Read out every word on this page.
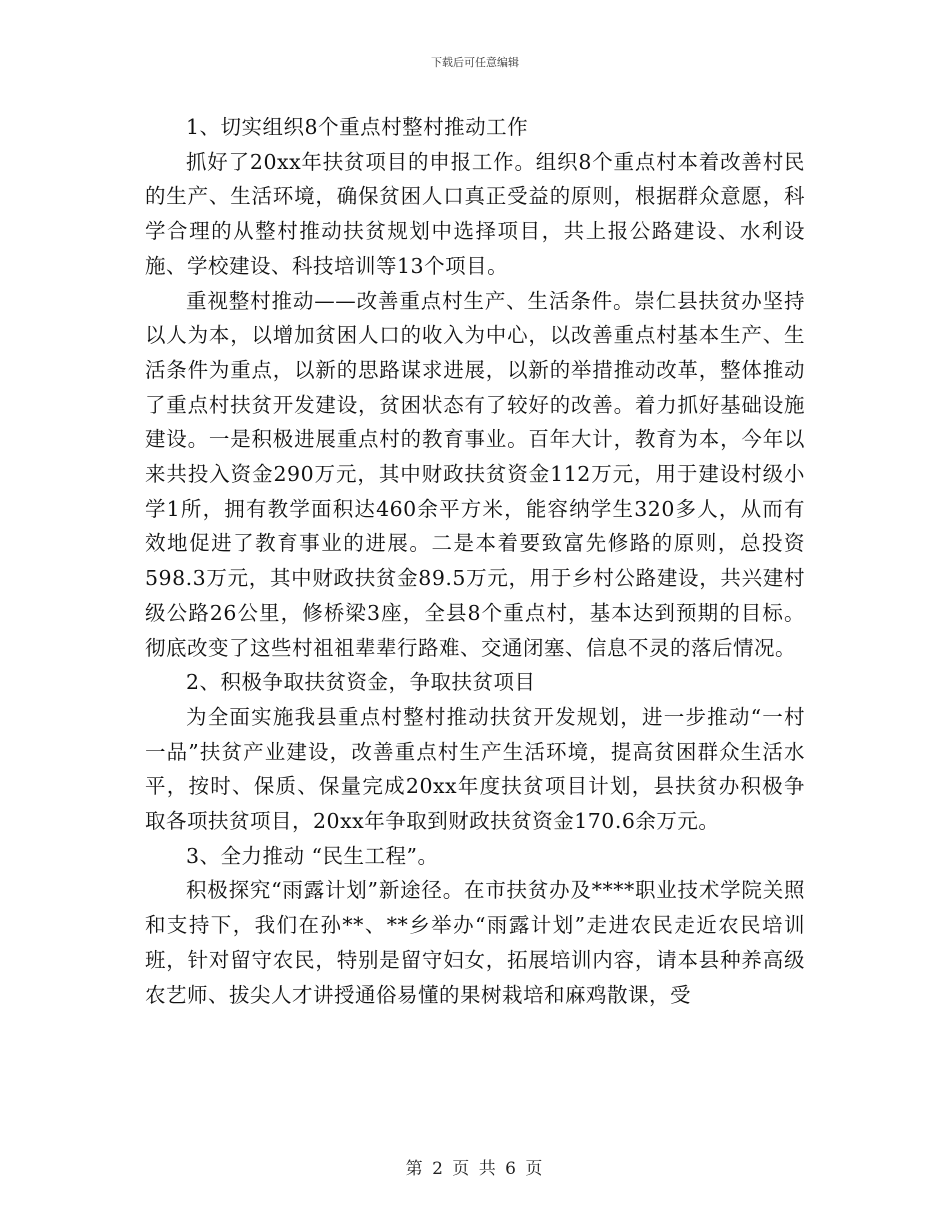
下载后可任意编辑

1、切实组织8个重点村整村推动工作

抓好了20xx年扶贫项目的申报工作。组织8个重点村本着改善村民的生产、生活环境，确保贫困人口真正受益的原则，根据群众意愿，科学合理的从整村推动扶贫规划中选择项目，共上报公路建设、水利设施、学校建设、科技培训等13个项目。

重视整村推动——改善重点村生产、生活条件。崇仁县扶贫办坚持以人为本，以增加贫困人口的收入为中心，以改善重点村基本生产、生活条件为重点，以新的思路谋求进展，以新的举措推动改革，整体推动了重点村扶贫开发建设，贫困状态有了较好的改善。着力抓好基础设施建设。一是积极进展重点村的教育事业。百年大计，教育为本，今年以来共投入资金290万元，其中财政扶贫资金112万元，用于建设村级小学1所，拥有教学面积达460余平方米，能容纳学生320多人，从而有效地促进了教育事业的进展。二是本着要致富先修路的原则，总投资598.3万元，其中财政扶贫金89.5万元，用于乡村公路建设，共兴建村级公路26公里，修桥梁3座，全县8个重点村，基本达到预期的目标。彻底改变了这些村祖祖辈辈行路难、交通闭塞、信息不灵的落后情况。

2、积极争取扶贫资金，争取扶贫项目

为全面实施我县重点村整村推动扶贫开发规划，进一步推动“一村一品”扶贫产业建设，改善重点村生产生活环境，提高贫困群众生活水平，按时、保质、保量完成20xx年度扶贫项目计划，县扶贫办积极争取各项扶贫项目，20xx年争取到财政扶贫资金170.6余万元。

3、全力推动 “民生工程”。

积极探究“雨露计划”新途径。在市扶贫办及****职业技术学院关照和支持下，我们在孙**、**乡举办“雨露计划”走进农民走近农民培训班，针对留守农民，特别是留守妇女，拓展培训内容，请本县种养高级农艺师、拔尖人才讲授通俗易懂的果树栽培和麻鸡散课，受

第 2 页 共 6 页
